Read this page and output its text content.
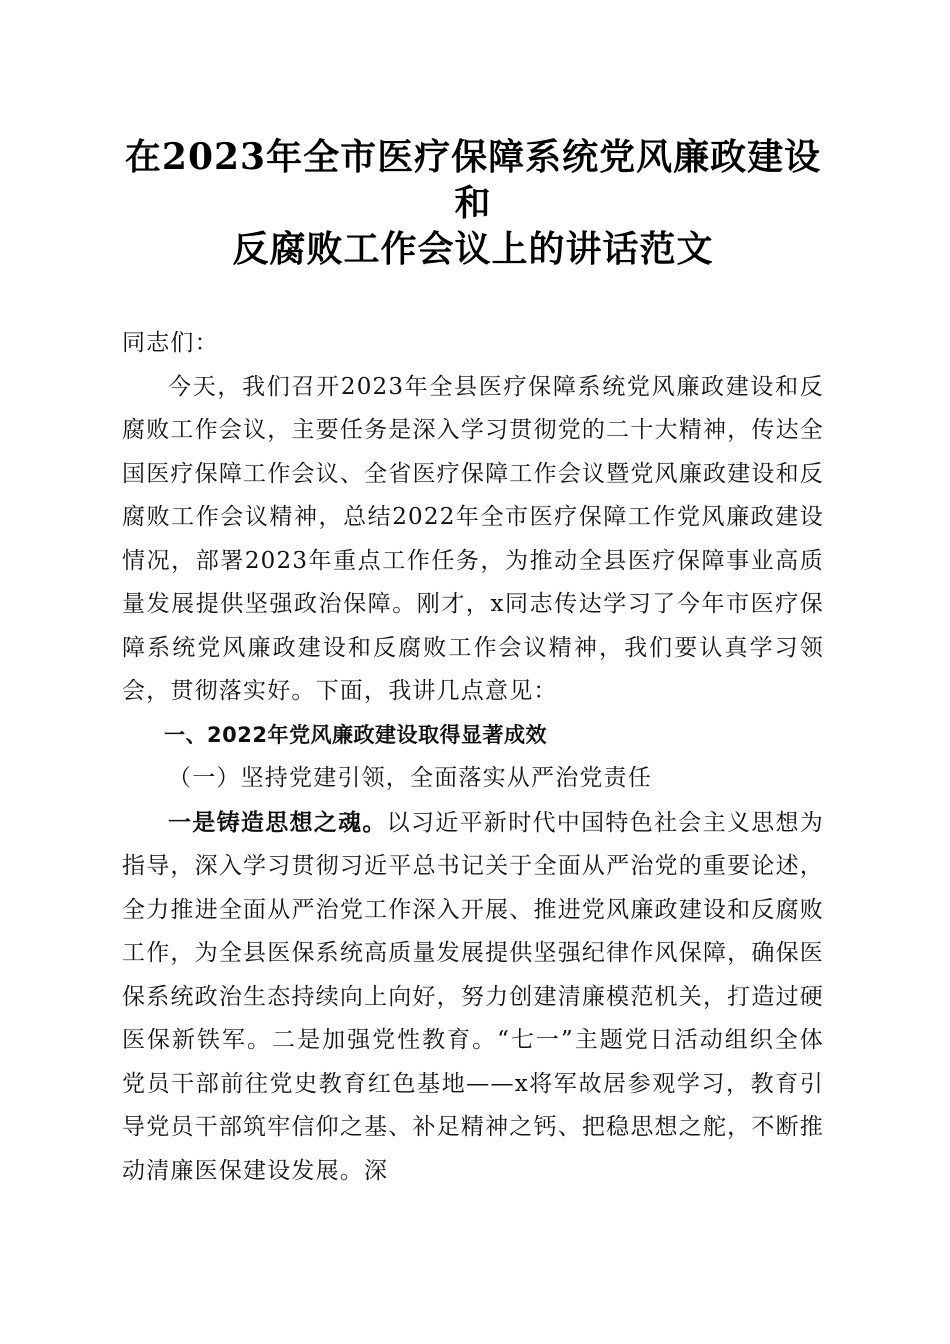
在2023年全市医疗保障系统党风廉政建设和
反腐败工作会议上的讲话范文

同志们：

今天，我们召开2023年全县医疗保障系统党风廉政建设和反腐败工作会议，主要任务是深入学习贯彻党的二十大精神，传达全国医疗保障工作会议、全省医疗保障工作会议暨党风廉政建设和反腐败工作会议精神，总结2022年全市医疗保障工作党风廉政建设情况，部署2023年重点工作任务，为推动全县医疗保障事业高质量发展提供坚强政治保障。刚才，x同志传达学习了今年市医疗保障系统党风廉政建设和反腐败工作会议精神，我们要认真学习领会，贯彻落实好。下面，我讲几点意见：

一、2022年党风廉政建设取得显著成效

（一）坚持党建引领，全面落实从严治党责任

一是铸造思想之魂。以习近平新时代中国特色社会主义思想为指导，深入学习贯彻习近平总书记关于全面从严治党的重要论述，全力推进全面从严治党工作深入开展、推进党风廉政建设和反腐败工作，为全县医保系统高质量发展提供坚强纪律作风保障，确保医保系统政治生态持续向上向好，努力创建清廉模范机关，打造过硬医保新铁军。二是加强党性教育。“七一”主题党日活动组织全体党员干部前往党史教育红色基地——x将军故居参观学习，教育引导党员干部筑牢信仰之基、补足精神之钙、把稳思想之舵，不断推动清廉医保建设发展。深
